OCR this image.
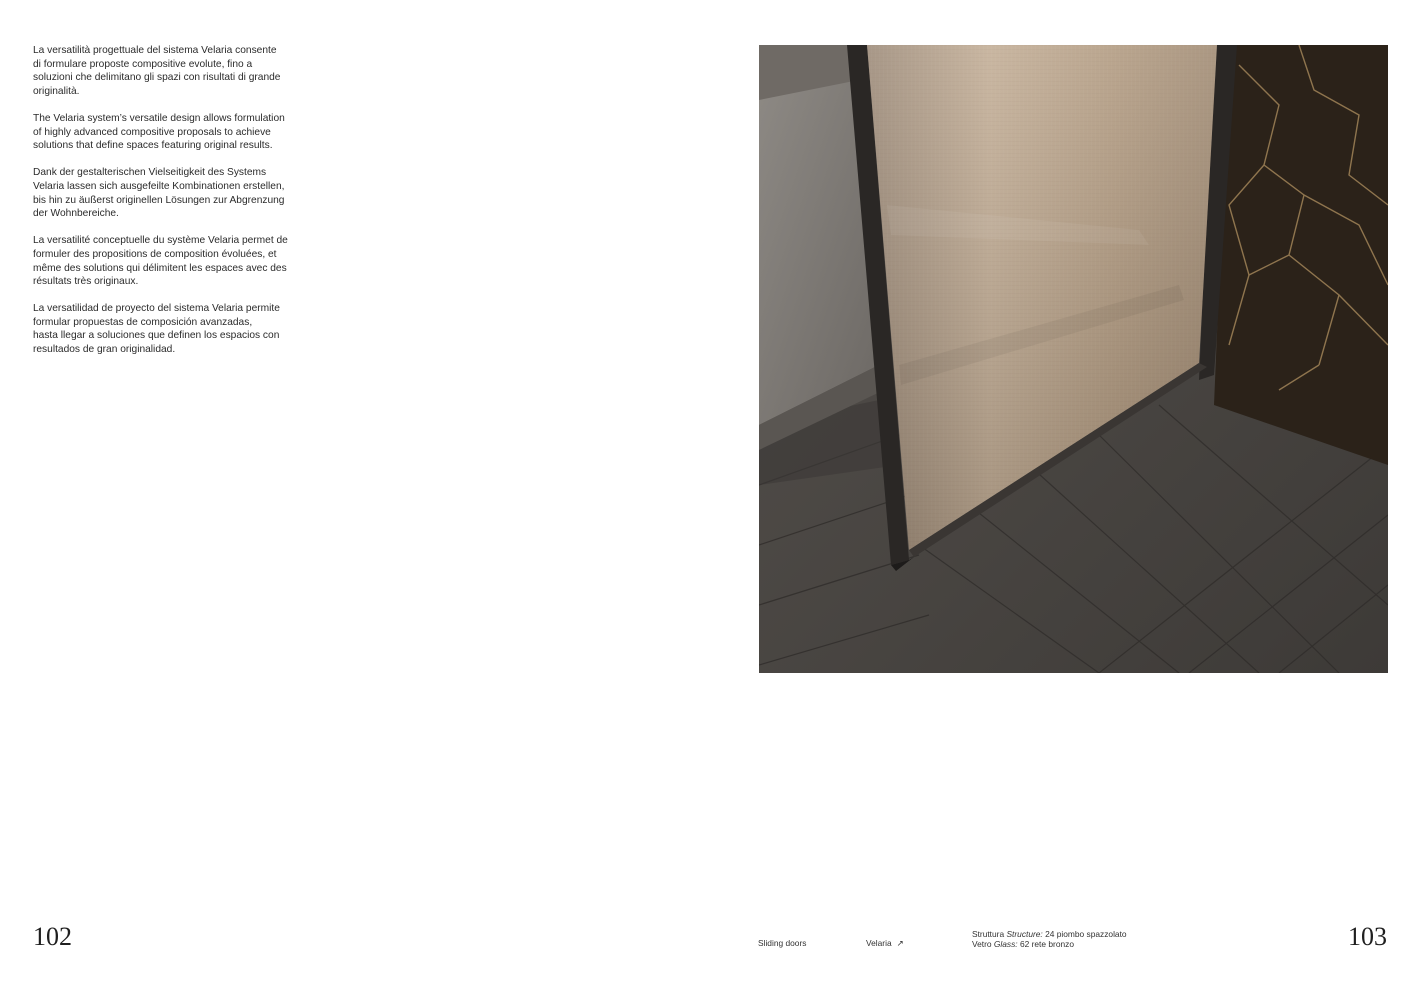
La versatilità progettuale del sistema Velaria consente
di formulare proposte compositive evolute, fino a
soluzioni che delimitano gli spazi con risultati di grande
originalità.

The Velaria system’s versatile design allows formulation
of highly advanced compositive proposals to achieve
solutions that define spaces featuring original results.

Dank der gestalterischen Vielseitigkeit des Systems
Velaria lassen sich ausgefeilte Kombinationen erstellen,
bis hin zu äußerst originellen Lösungen zur Abgrenzung
der Wohnbereiche.

La versatilité conceptuelle du système Velaria permet de
formuler des propositions de composition évoluées, et
même des solutions qui délimitent les espaces avec des
résultats très originaux.

La versatilidad de proyecto del sistema Velaria permite
formular propuestas de composición avanzadas,
hasta llegar a soluciones que definen los espacios con
resultados de gran originalidad.

102	103
Sliding doors	Velaria ↗
Struttura Structure: 24 piombo spazzolato
Vetro Glass: 62 rete bronzo
